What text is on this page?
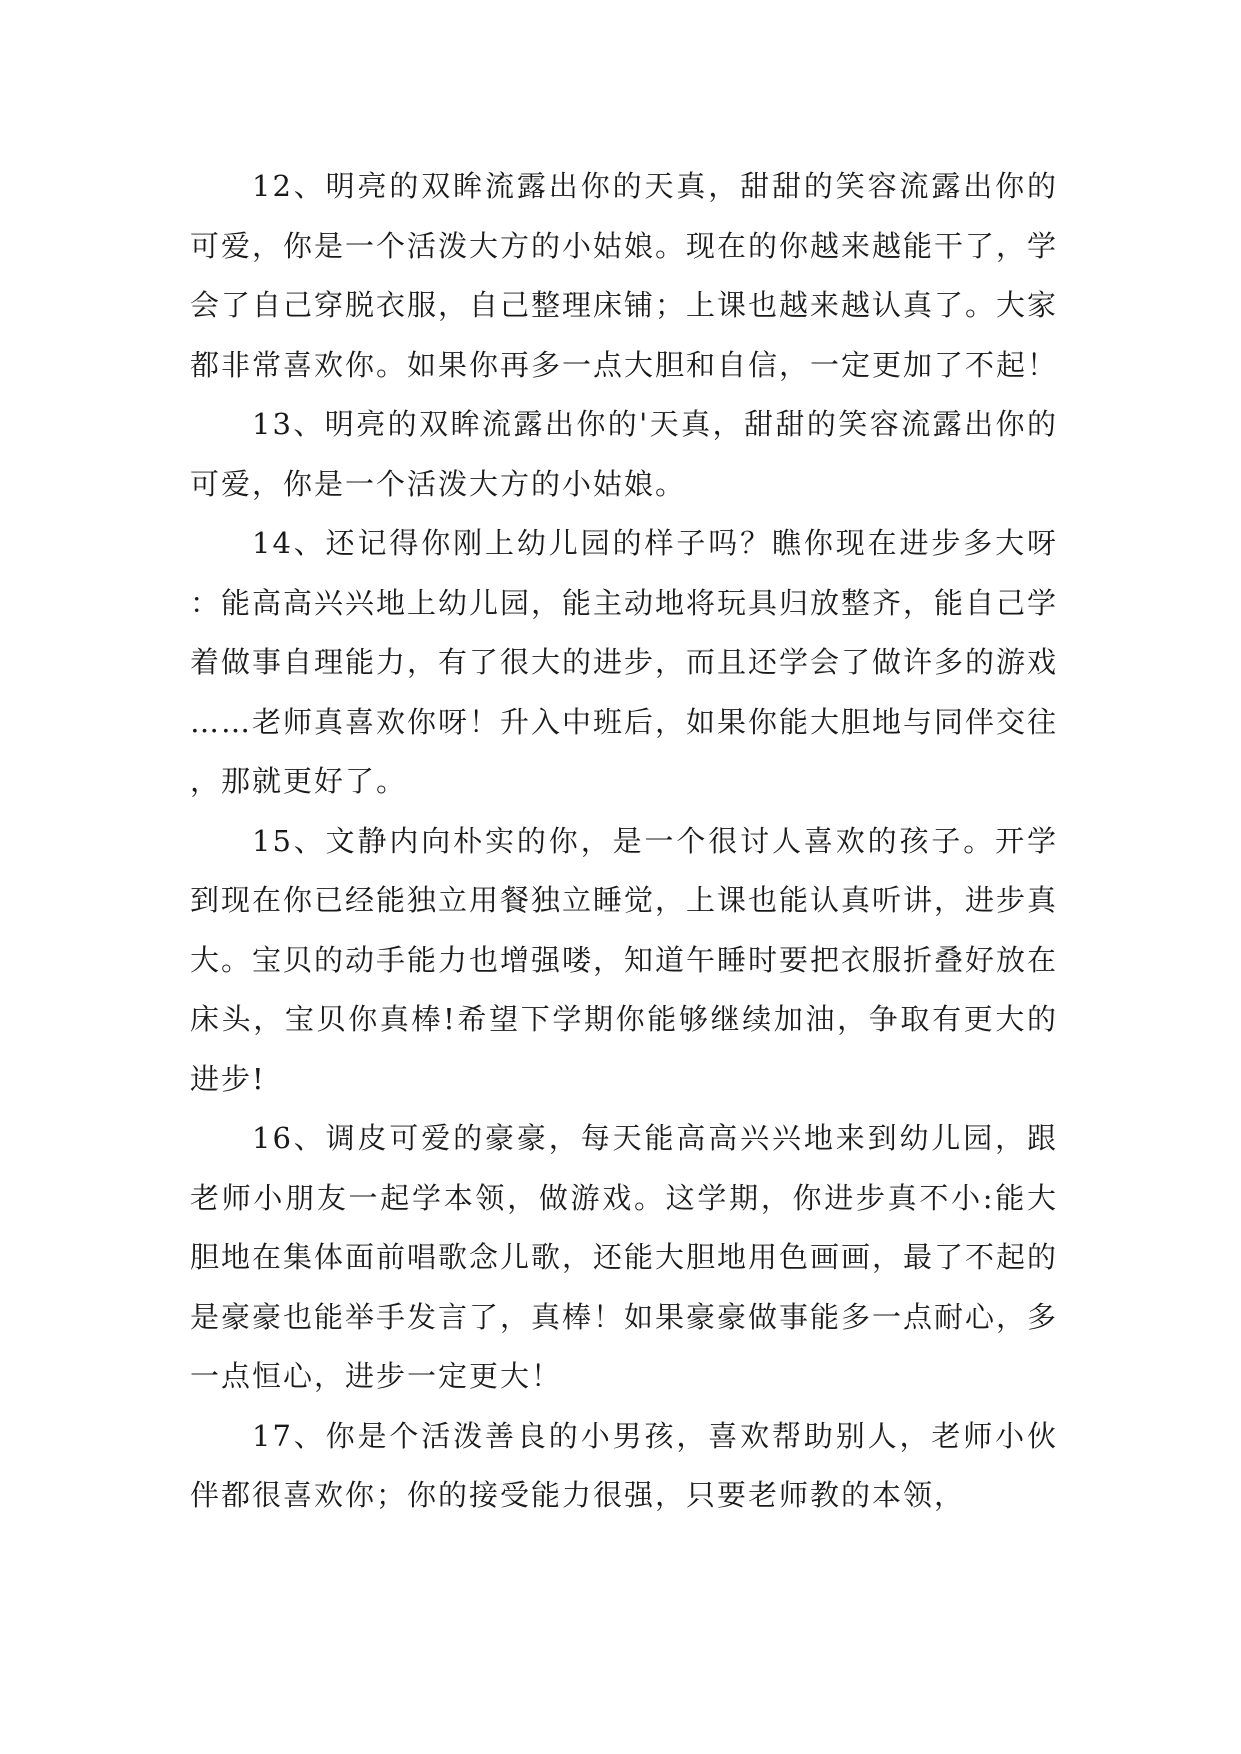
12、明亮的双眸流露出你的天真，甜甜的笑容流露出你的可爱，你是一个活泼大方的小姑娘。现在的你越来越能干了，学会了自己穿脱衣服，自己整理床铺；上课也越来越认真了。大家都非常喜欢你。如果你再多一点大胆和自信，一定更加了不起！

13、明亮的双眸流露出你的'天真，甜甜的笑容流露出你的可爱，你是一个活泼大方的小姑娘。

14、还记得你刚上幼儿园的样子吗？瞧你现在进步多大呀：能高高兴兴地上幼儿园，能主动地将玩具归放整齐，能自己学着做事自理能力，有了很大的进步，而且还学会了做许多的游戏……老师真喜欢你呀！升入中班后，如果你能大胆地与同伴交往，那就更好了。

15、文静内向朴实的你，是一个很讨人喜欢的孩子。开学到现在你已经能独立用餐独立睡觉，上课也能认真听讲，进步真大。宝贝的动手能力也增强喽，知道午睡时要把衣服折叠好放在床头，宝贝你真棒!希望下学期你能够继续加油，争取有更大的进步!

16、调皮可爱的豪豪，每天能高高兴兴地来到幼儿园，跟老师小朋友一起学本领，做游戏。这学期，你进步真不小:能大胆地在集体面前唱歌念儿歌，还能大胆地用色画画，最了不起的是豪豪也能举手发言了，真棒！如果豪豪做事能多一点耐心，多一点恒心，进步一定更大！

17、你是个活泼善良的小男孩，喜欢帮助别人，老师小伙伴都很喜欢你；你的接受能力很强，只要老师教的本领，
